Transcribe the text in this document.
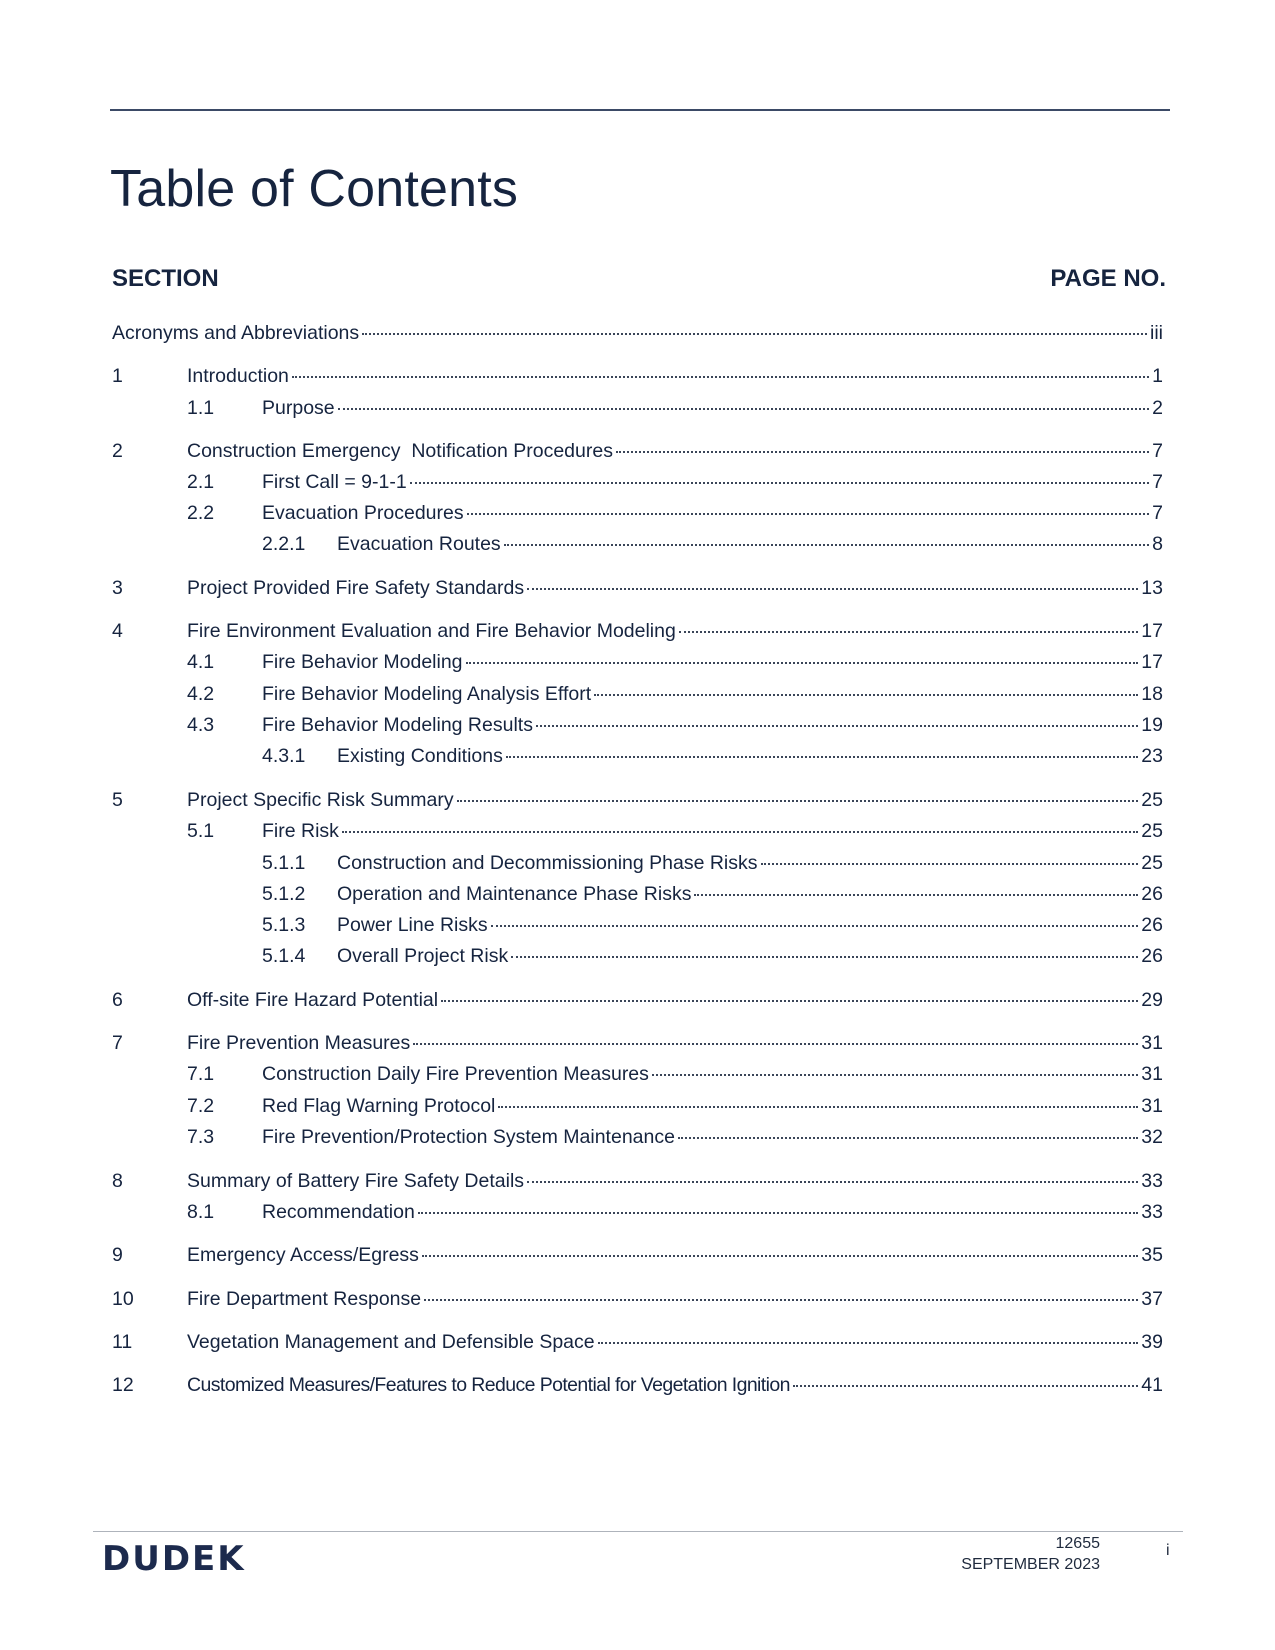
Table of Contents
SECTION	PAGE NO.
Acronyms and Abbreviations	iii
1	Introduction	1
1.1	Purpose	2
2	Construction Emergency  Notification Procedures	7
2.1	First Call = 9-1-1	7
2.2	Evacuation Procedures	7
2.2.1	Evacuation Routes	8
3	Project Provided Fire Safety Standards	13
4	Fire Environment Evaluation and Fire Behavior Modeling	17
4.1	Fire Behavior Modeling	17
4.2	Fire Behavior Modeling Analysis Effort	18
4.3	Fire Behavior Modeling Results	19
4.3.1	Existing Conditions	23
5	Project Specific Risk Summary	25
5.1	Fire Risk	25
5.1.1	Construction and Decommissioning Phase Risks	25
5.1.2	Operation and Maintenance Phase Risks	26
5.1.3	Power Line Risks	26
5.1.4	Overall Project Risk	26
6	Off-site Fire Hazard Potential	29
7	Fire Prevention Measures	31
7.1	Construction Daily Fire Prevention Measures	31
7.2	Red Flag Warning Protocol	31
7.3	Fire Prevention/Protection System Maintenance	32
8	Summary of Battery Fire Safety Details	33
8.1	Recommendation	33
9	Emergency Access/Egress	35
10	Fire Department Response	37
11	Vegetation Management and Defensible Space	39
12	Customized Measures/Features to Reduce Potential for Vegetation Ignition	41
DUDEK	12655
SEPTEMBER 2023
i
